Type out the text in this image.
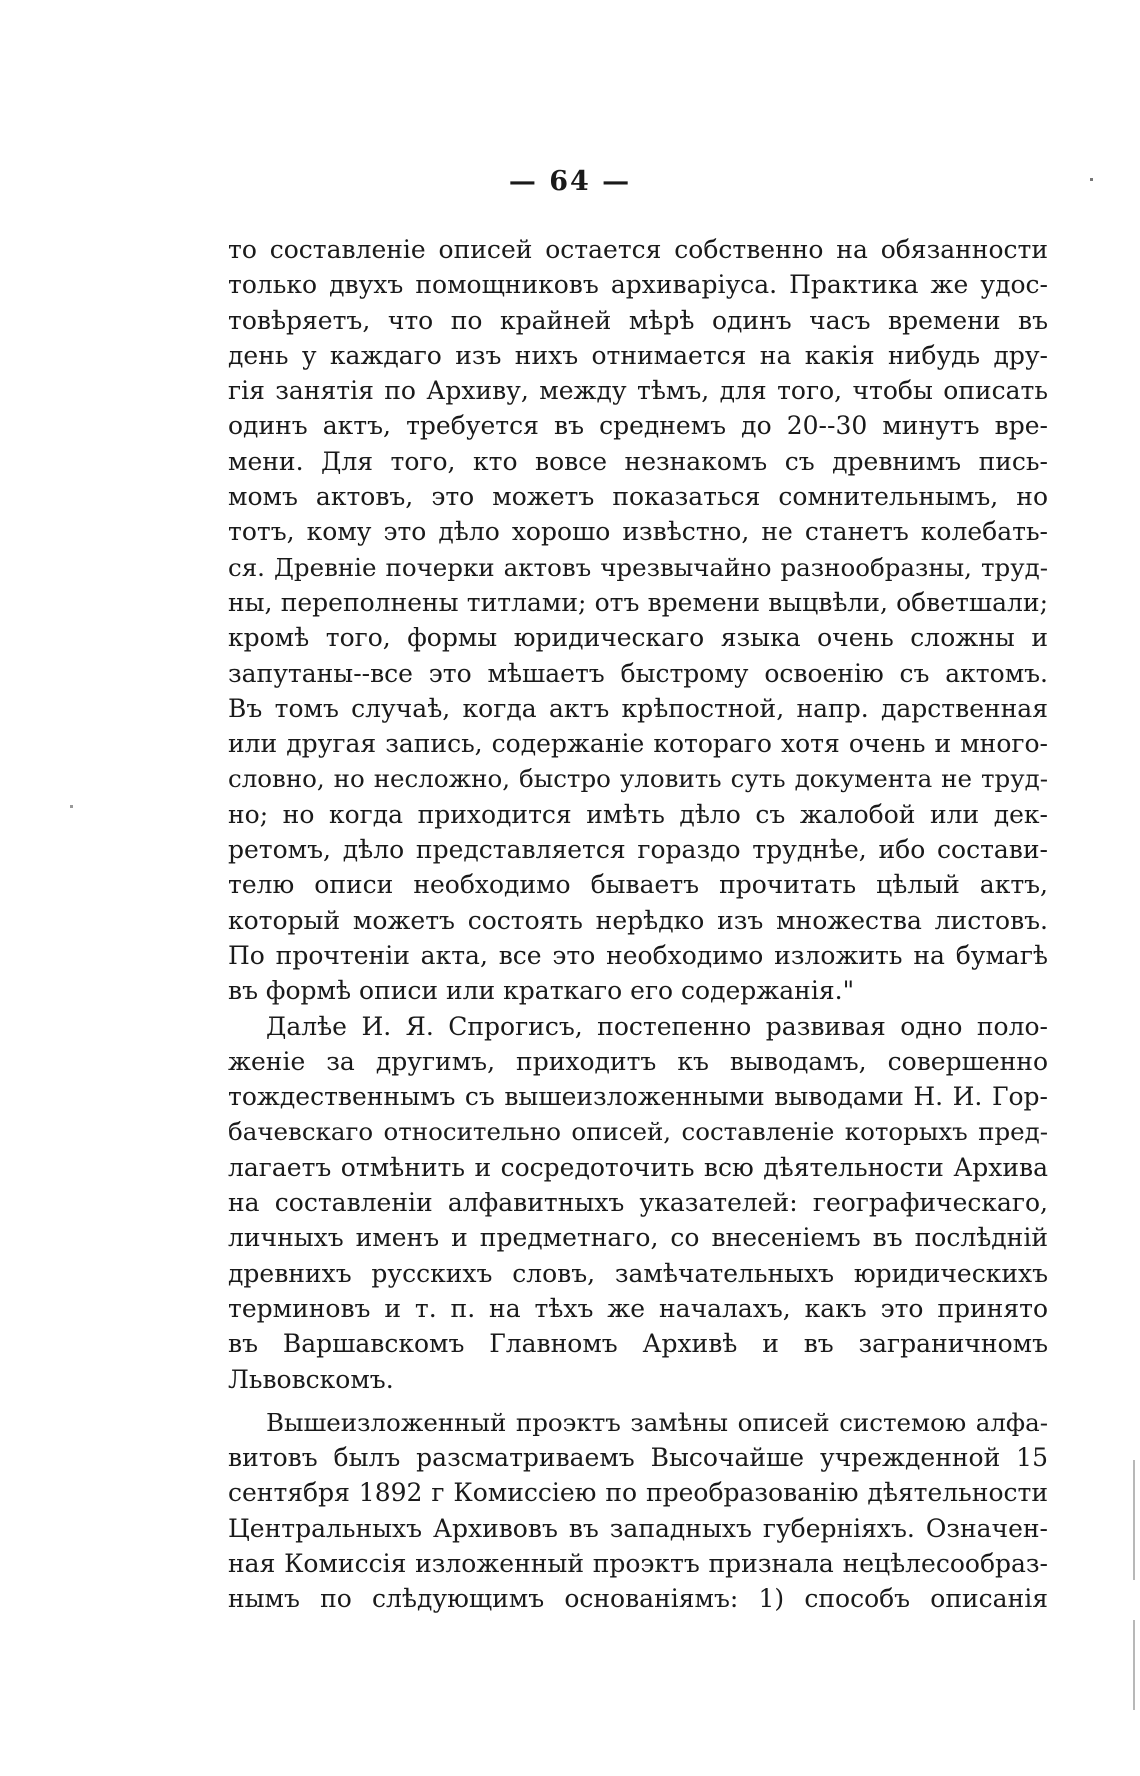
— 64 —
то составленіе описей остается собственно на обязанности
только двухъ помощниковъ архиваріуса. Практика же удос-
товѣряетъ, что по крайней мѣрѣ одинъ часъ времени въ
день у каждаго изъ нихъ отнимается на какія нибудь дру-
гія занятія по Архиву, между тѣмъ, для того, чтобы описать
одинъ актъ, требуется въ среднемъ до 20--30 минутъ вре-
мени. Для того, кто вовсе незнакомъ съ древнимъ пись-
момъ актовъ, это можетъ показаться сомнительнымъ, но
тотъ, кому это дѣло хорошо извѣстно, не станетъ колебать-
ся. Древніе почерки актовъ чрезвычайно разнообразны, труд-
ны, переполнены титлами; отъ времени выцвѣли, обветшали;
кромѣ того, формы юридическаго языка очень сложны и
запутаны--все это мѣшаетъ быстрому освоенію съ актомъ.
Въ томъ случаѣ, когда актъ крѣпостной, напр. дарственная
или другая запись, содержаніе котораго хотя очень и много-
словно, но несложно, быстро уловить суть документа не труд-
но; но когда приходится имѣть дѣло съ жалобой или дек-
ретомъ, дѣло представляется гораздо труднѣе, ибо состави-
телю описи необходимо бываетъ прочитать цѣлый актъ,
который можетъ состоять нерѣдко изъ множества листовъ.
По прочтеніи акта, все это необходимо изложить на бумагѣ
въ формѣ описи или краткаго его содержанія."
Далѣе И. Я. Спрогисъ, постепенно развивая одно поло-
женіе за другимъ, приходитъ къ выводамъ, совершенно
тождественнымъ съ вышеизложенными выводами Н. И. Гор-
бачевскаго относительно описей, составленіе которыхъ пред-
лагаетъ отмѣнить и сосредоточить всю дѣятельности Архива
на составленіи алфавитныхъ указателей: географическаго,
личныхъ именъ и предметнаго, со внесеніемъ въ послѣдній
древнихъ русскихъ словъ, замѣчательныхъ юридическихъ
терминовъ и т. п. на тѣхъ же началахъ, какъ это принято
въ Варшавскомъ Главномъ Архивѣ и въ заграничномъ
Львовскомъ.
Вышеизложенный проэктъ замѣны описей системою алфа-
витовъ былъ разсматриваемъ Высочайше учрежденной 15
сентября 1892 г Комиссіею по преобразованію дѣятельности
Центральныхъ Архивовъ въ западныхъ губерніяхъ. Означен-
ная Комиссія изложенный проэктъ признала нецѣлесообраз-
нымъ по слѣдующимъ основаніямъ: 1) способъ описанія
